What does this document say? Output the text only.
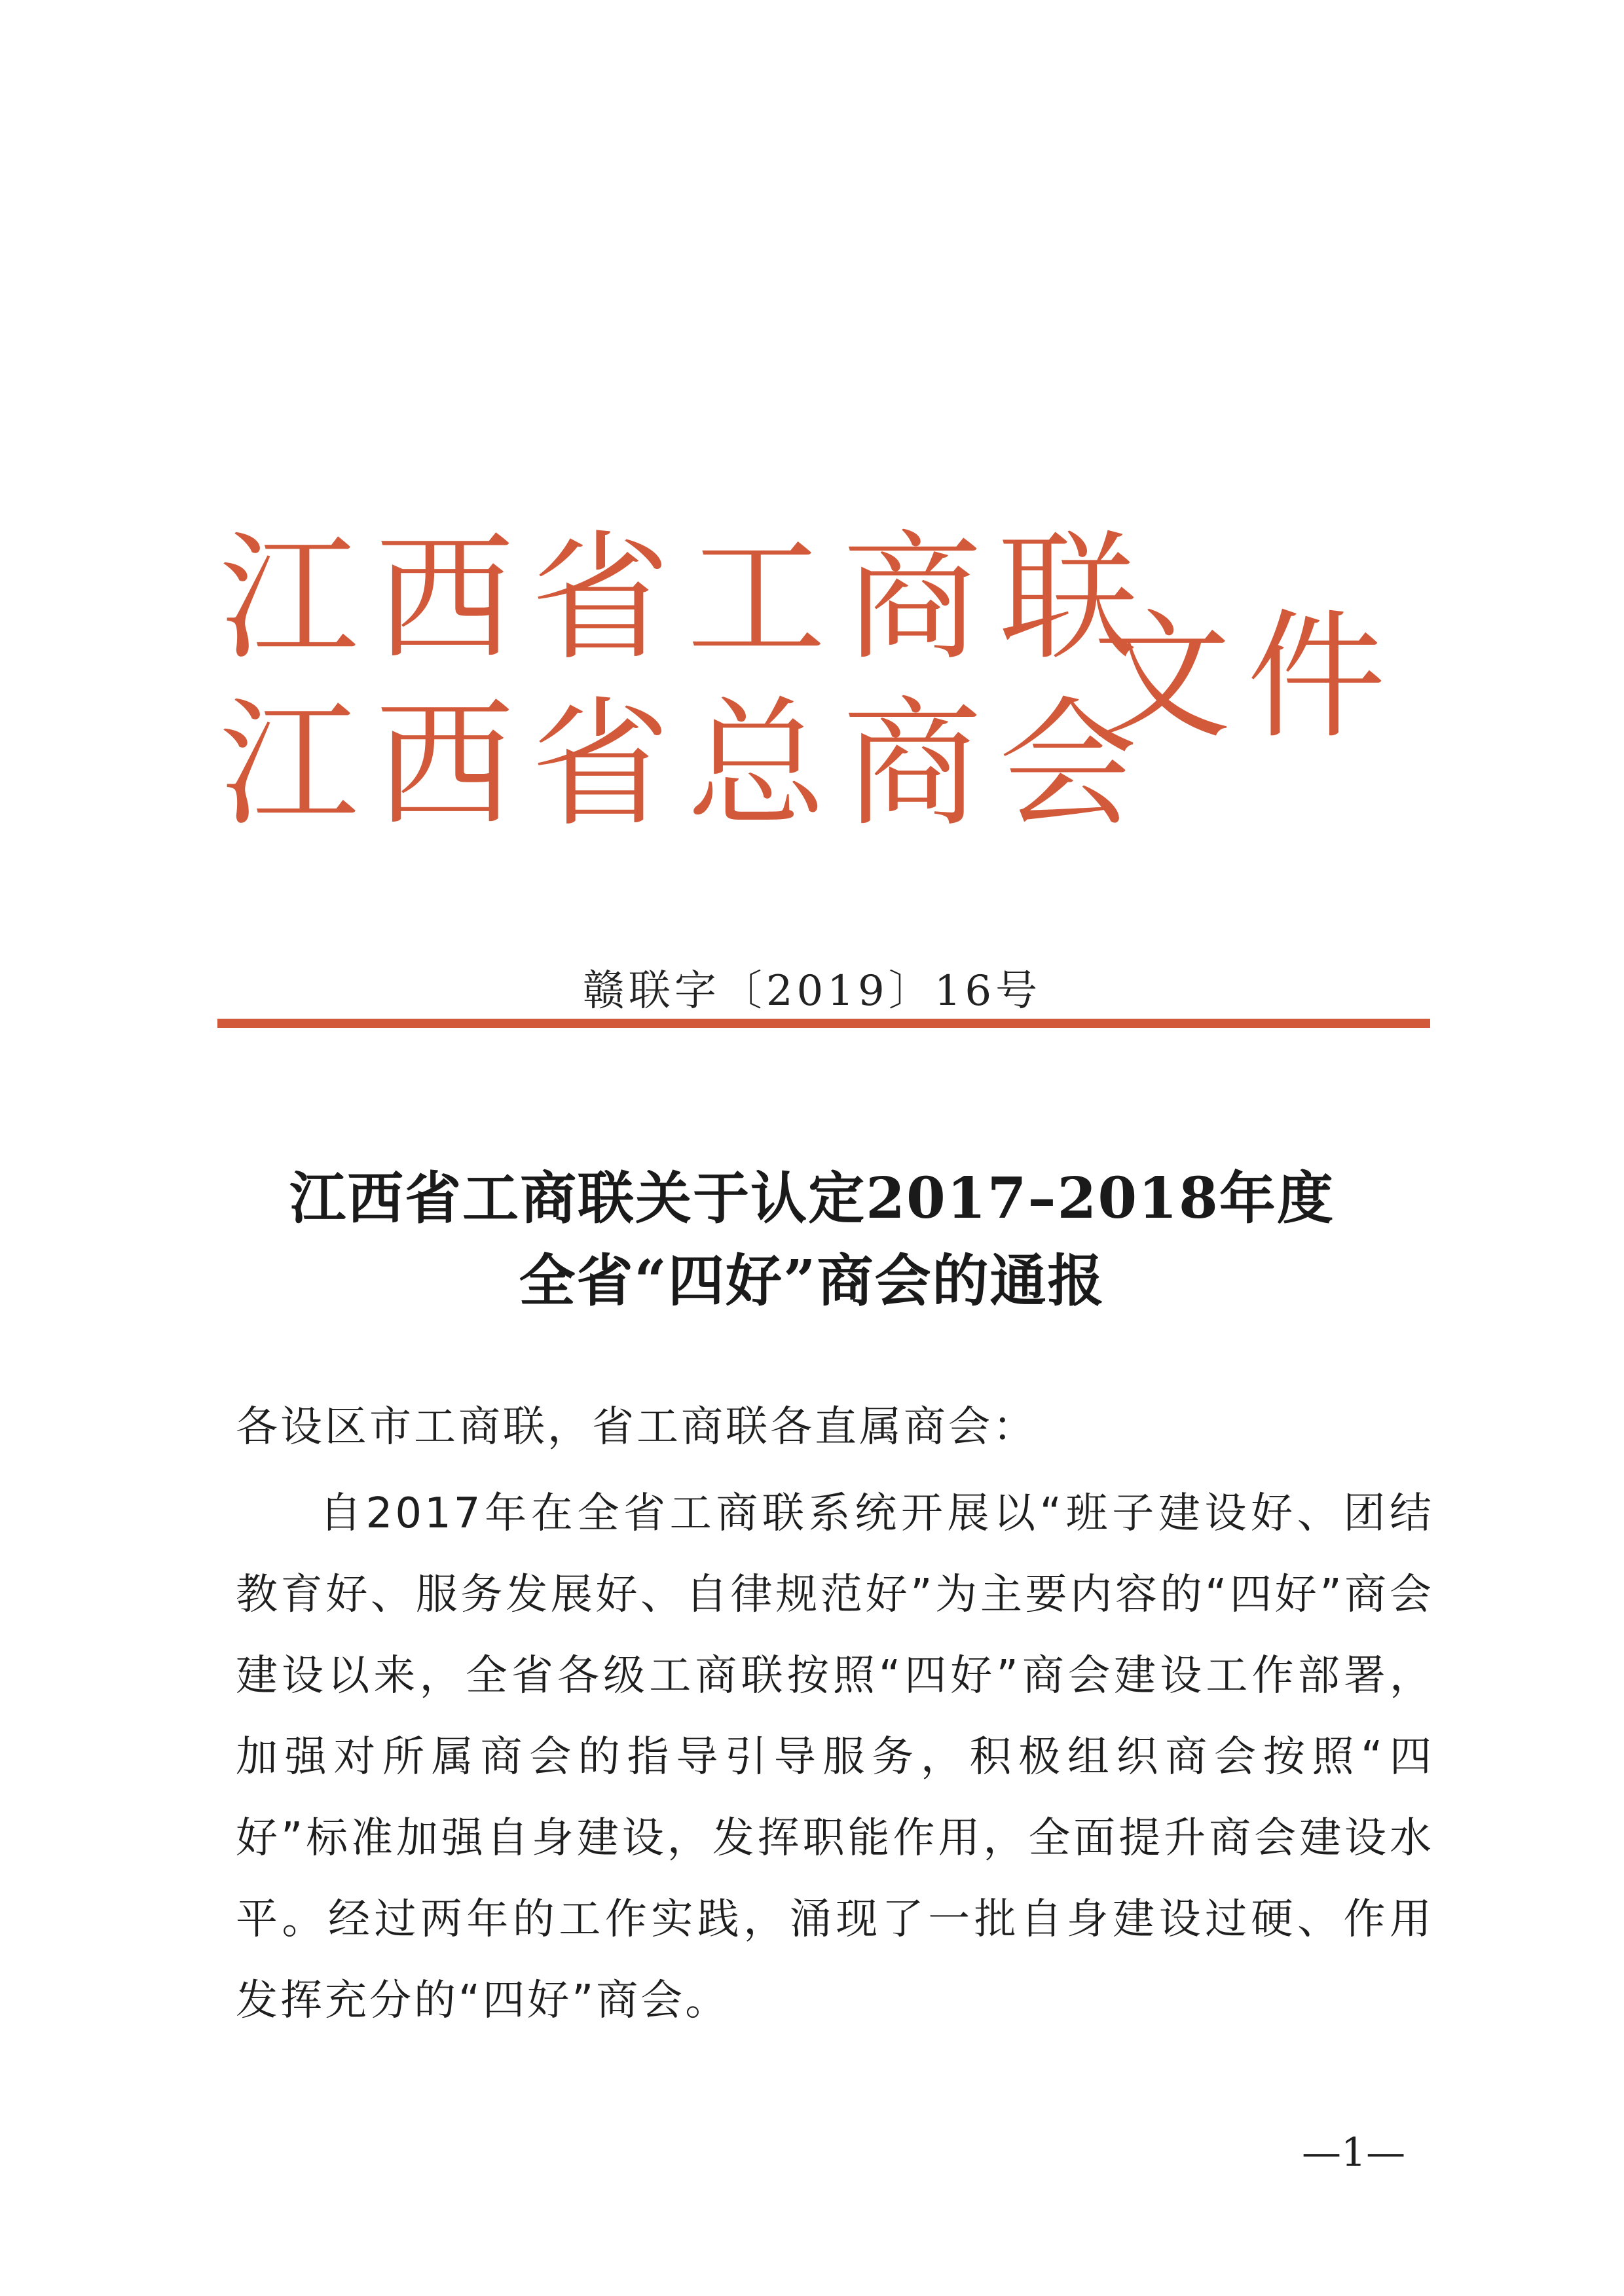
江西省工商联
江西省总商会
文件
赣联字〔2019〕16号
江西省工商联关于认定2017–2018年度
全省“四好”商会的通报
各设区市工商联，省工商联各直属商会：
自2017年在全省工商联系统开展以“班子建设好、团结教育好、服务发展好、自律规范好”为主要内容的“四好”商会建设以来，全省各级工商联按照“四好”商会建设工作部署，加强对所属商会的指导引导服务，积极组织商会按照“四好”标准加强自身建设，发挥职能作用，全面提升商会建设水平。经过两年的工作实践，涌现了一批自身建设过硬、作用发挥充分的“四好”商会。
—1—
